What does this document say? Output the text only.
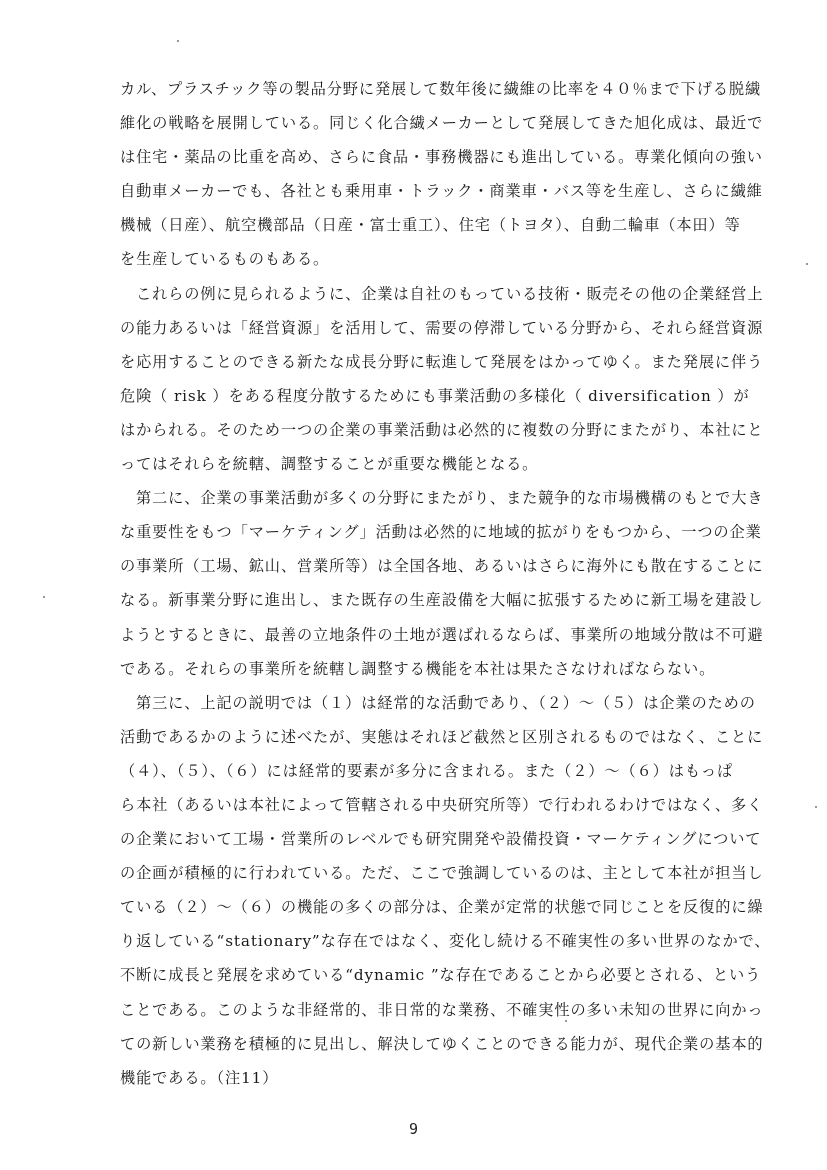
カル、プラスチック等の製品分野に発展して数年後に繊維の比率を４０％まで下げる脱繊
維化の戦略を展開している。同じく化合繊メーカーとして発展してきた旭化成は、最近で
は住宅・薬品の比重を高め、さらに食品・事務機器にも進出している。専業化傾向の強い
自動車メーカーでも、各社とも乗用車・トラック・商業車・バス等を生産し、さらに繊維
機械（日産）、航空機部品（日産・富士重工）、住宅（トヨタ）、自動二輪車（本田）等
を生産しているものもある。
これらの例に見られるように、企業は自社のもっている技術・販売その他の企業経営上
の能力あるいは「経営資源」を活用して、需要の停滞している分野から、それら経営資源
を応用することのできる新たな成長分野に転進して発展をはかってゆく。また発展に伴う
危険（ risk ）をある程度分散するためにも事業活動の多様化（ diversification ）が
はかられる。そのため一つの企業の事業活動は必然的に複数の分野にまたがり、本社にと
ってはそれらを統轄、調整することが重要な機能となる。
第二に、企業の事業活動が多くの分野にまたがり、また競争的な市場機構のもとで大き
な重要性をもつ「マーケティング」活動は必然的に地域的拡がりをもつから、一つの企業
の事業所（工場、鉱山、営業所等）は全国各地、あるいはさらに海外にも散在することに
なる。新事業分野に進出し、また既存の生産設備を大幅に拡張するために新工場を建設し
ようとするときに、最善の立地条件の土地が選ばれるならば、事業所の地域分散は不可避
である。それらの事業所を統轄し調整する機能を本社は果たさなければならない。
第三に、上記の説明では（１）は経常的な活動であり、（２）～（５）は企業のための
活動であるかのように述べたが、実態はそれほど截然と区別されるものではなく、ことに
（４）、（５）、（６）には経常的要素が多分に含まれる。また（２）～（６）はもっぱ
ら本社（あるいは本社によって管轄される中央研究所等）で行われるわけではなく、多く
の企業において工場・営業所のレベルでも研究開発や設備投資・マーケティングについて
の企画が積極的に行われている。ただ、ここで強調しているのは、主として本社が担当し
ている（２）～（６）の機能の多くの部分は、企業が定常的状態で同じことを反復的に繰
り返している“stationary”な存在ではなく、変化し続ける不確実性の多い世界のなかで、
不断に成長と発展を求めている“dynamic ”な存在であることから必要とされる、という
ことである。このような非経常的、非日常的な業務、不確実性の多い未知の世界に向かっ
ての新しい業務を積極的に見出し、解決してゆくことのできる能力が、現代企業の基本的
機能である。（注11）
9
